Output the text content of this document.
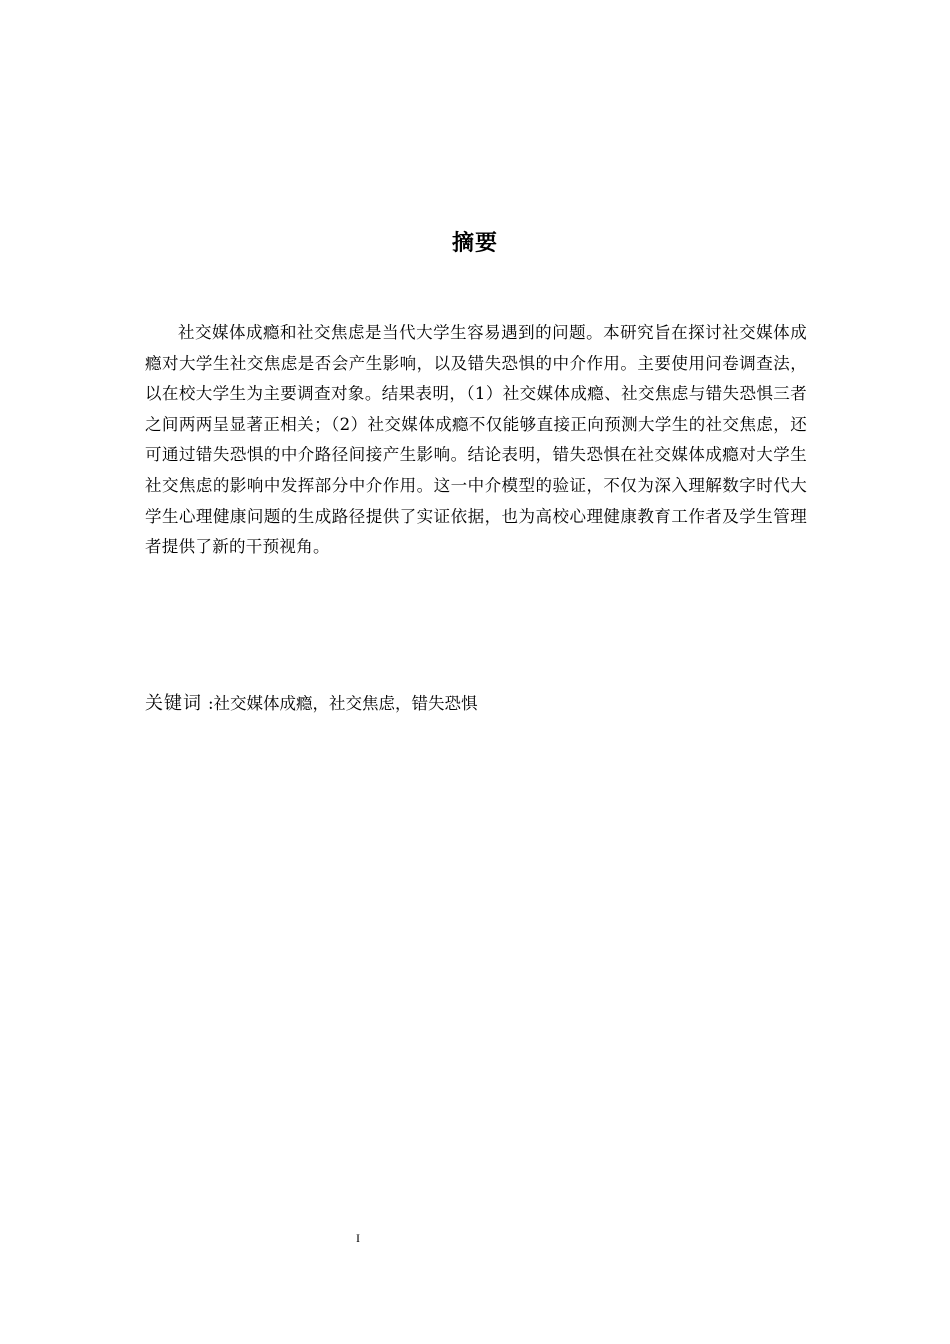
摘要

社交媒体成瘾和社交焦虑是当代大学生容易遇到的问题。本研究旨在探讨社交媒体成瘾对大学生社交焦虑是否会产生影响，以及错失恐惧的中介作用。主要使用问卷调查法，以在校大学生为主要调查对象。结果表明，（1）社交媒体成瘾、社交焦虑与错失恐惧三者之间两两呈显著正相关；（2）社交媒体成瘾不仅能够直接正向预测大学生的社交焦虑，还可通过错失恐惧的中介路径间接产生影响。结论表明，错失恐惧在社交媒体成瘾对大学生社交焦虑的影响中发挥部分中介作用。这一中介模型的验证，不仅为深入理解数字时代大学生心理健康问题的生成路径提供了实证依据，也为高校心理健康教育工作者及学生管理者提供了新的干预视角。

关键词 :社交媒体成瘾，社交焦虑，错失恐惧
I
